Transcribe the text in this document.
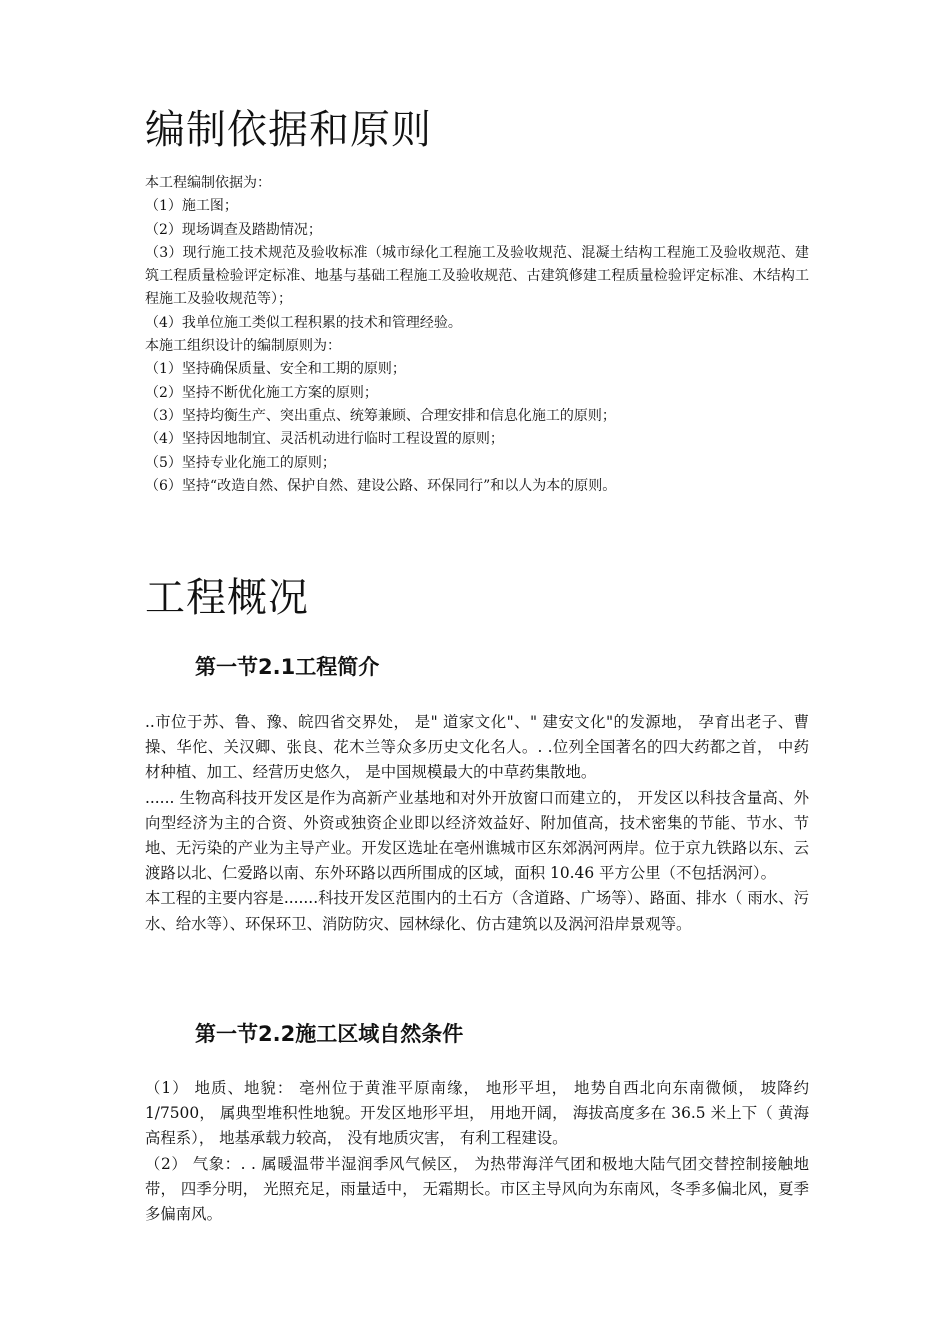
编制依据和原则

本工程编制依据为：

（1）施工图；

（2）现场调查及踏勘情况；

（3）现行施工技术规范及验收标准（城市绿化工程施工及验收规范、混凝土结构工程施工及验收规范、建筑工程质量检验评定标准、地基与基础工程施工及验收规范、古建筑修建工程质量检验评定标准、木结构工程施工及验收规范等）；

（4）我单位施工类似工程积累的技术和管理经验。

本施工组织设计的编制原则为：

（1）坚持确保质量、安全和工期的原则；

（2）坚持不断优化施工方案的原则；

（3）坚持均衡生产、突出重点、统筹兼顾、合理安排和信息化施工的原则；

（4）坚持因地制宜、灵活机动进行临时工程设置的原则；

（5）坚持专业化施工的原则；

（6）坚持“改造自然、保护自然、建设公路、环保同行”和以人为本的原则。

工程概况
第一节2.1工程简介

..市位于苏、鲁、豫、皖四省交界处， 是" 道家文化"、" 建安文化"的发源地， 孕育出老子、曹操、华佗、关汉卿、张良、花木兰等众多历史文化名人。. .位列全国著名的四大药都之首， 中药材种植、加工、经营历史悠久， 是中国规模最大的中草药集散地。

...... 生物高科技开发区是作为高新产业基地和对外开放窗口而建立的， 开发区以科技含量高、外向型经济为主的合资、外资或独资企业即以经济效益好、附加值高，技术密集的节能、节水、节地、无污染的产业为主导产业。开发区选址在亳州谯城市区东郊涡河两岸。位于京九铁路以东、云渡路以北、仁爱路以南、东外环路以西所围成的区域，面积 10.46 平方公里（不包括涡河）。

本工程的主要内容是.......科技开发区范围内的土石方（含道路、广场等）、路面、排水（ 雨水、污水、给水等）、环保环卫、消防防灾、园林绿化、仿古建筑以及涡河沿岸景观等。

第一节2.2施工区域自然条件

（1） 地质、地貌： 亳州位于黄淮平原南缘， 地形平坦， 地势自西北向东南微倾， 坡降约 1/7500， 属典型堆积性地貌。开发区地形平坦， 用地开阔， 海拔高度多在 36.5 米上下（ 黄海高程系）， 地基承载力较高， 没有地质灾害， 有利工程建设。

（2） 气象：. . 属暖温带半湿润季风气候区， 为热带海洋气团和极地大陆气团交替控制接触地带， 四季分明， 光照充足，雨量适中， 无霜期长。市区主导风向为东南风，冬季多偏北风，夏季多偏南风。
